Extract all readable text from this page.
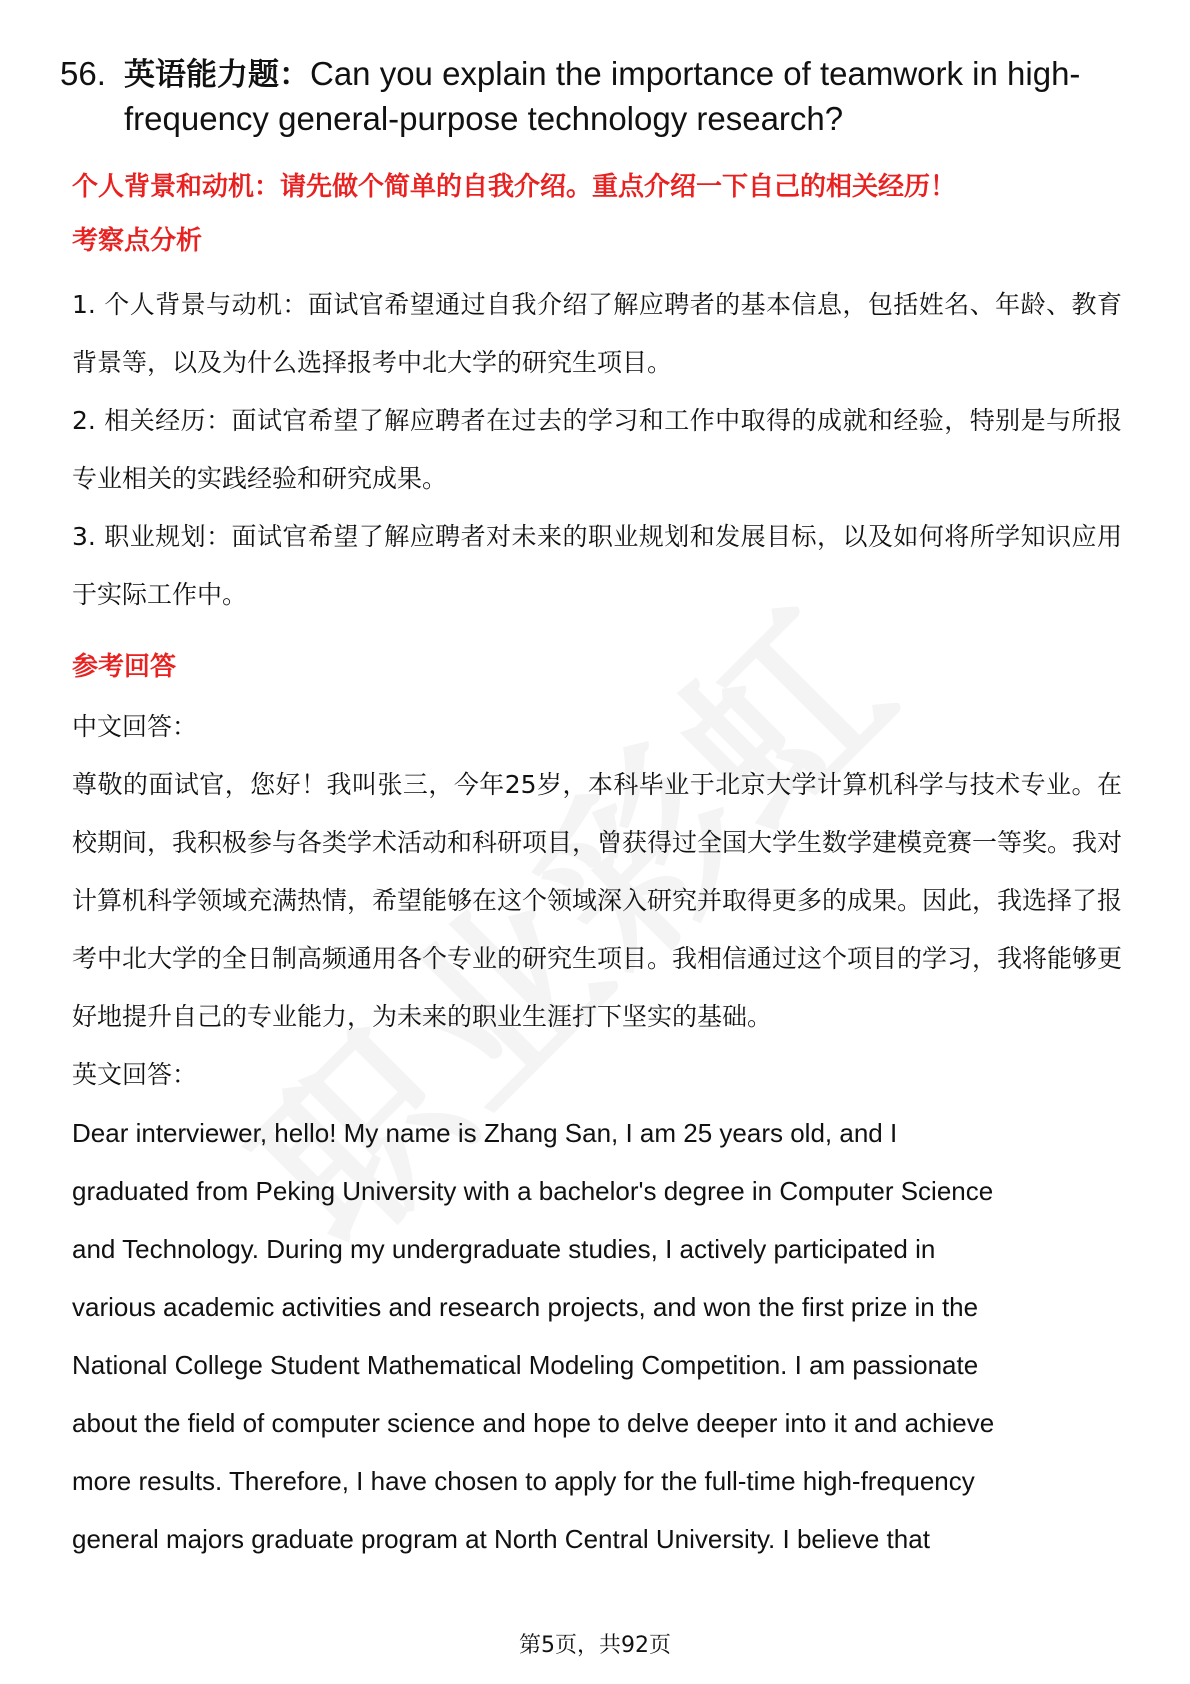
56. 英语能力题：Can you explain the importance of teamwork in high-frequency general-purpose technology research?

个人背景和动机：请先做个简单的自我介绍。重点介绍一下自己的相关经历！

考察点分析

1. 个人背景与动机：面试官希望通过自我介绍了解应聘者的基本信息，包括姓名、年龄、教育背景等，以及为什么选择报考中北大学的研究生项目。

2. 相关经历：面试官希望了解应聘者在过去的学习和工作中取得的成就和经验，特别是与所报专业相关的实践经验和研究成果。

3. 职业规划：面试官希望了解应聘者对未来的职业规划和发展目标，以及如何将所学知识应用于实际工作中。

参考回答

中文回答：

尊敬的面试官，您好！我叫张三，今年25岁，本科毕业于北京大学计算机科学与技术专业。在校期间，我积极参与各类学术活动和科研项目，曾获得过全国大学生数学建模竞赛一等奖。我对计算机科学领域充满热情，希望能够在这个领域深入研究并取得更多的成果。因此，我选择了报考中北大学的全日制高频通用各个专业的研究生项目。我相信通过这个项目的学习，我将能够更好地提升自己的专业能力，为未来的职业生涯打下坚实的基础。

英文回答：

Dear interviewer, hello! My name is Zhang San, I am 25 years old, and I

graduated from Peking University with a bachelor's degree in Computer Science

and Technology. During my undergraduate studies, I actively participated in

various academic activities and research projects, and won the first prize in the

National College Student Mathematical Modeling Competition. I am passionate

about the field of computer science and hope to delve deeper into it and achieve

more results. Therefore, I have chosen to apply for the full-time high-frequency

general majors graduate program at North Central University. I believe that

第5页，共92页
